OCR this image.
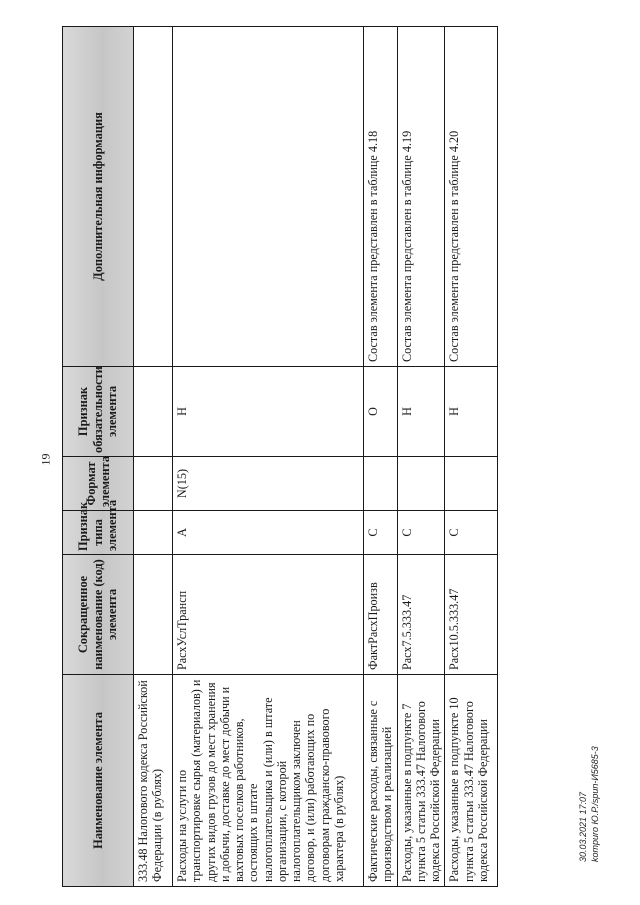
19
Наименование элемента	Сокращенное наименование (код) элемента	Признак типа элемента	Формат элемента	Признак обязательности элемента	Дополнительная информация
333.48 Налогового кодекса Российской Федерации (в рублях)					
Расходы на услуги по транспортировке сырья (материалов) и других видов грузов до мест хранения и добычи, доставке до мест добычи и вахтовых поселков работников, состоящих в штате налогоплательщика и (или) в штате организации, с которой налогоплательщиком заключен договор, и (или) работающих по договорам гражданско-правового характера (в рублях)	РасхУслТрансп	А	N(15)	Н	
Фактические расходы, связанные с производством и реализацией	ФактРасхПроизв	С		О	Состав элемента представлен в таблице 4.18
Расходы, указанные в подпункте 7 пункта 5 статьи 333.47 Налогового кодекса Российской Федерации	Расх7.5.333.47	С		Н	Состав элемента представлен в таблице 4.19
Расходы, указанные в подпункте 10 пункта 5 статьи 333.47 Налогового кодекса Российской Федерации	Расх10.5.333.47	С		Н	Состав элемента представлен в таблице 4.20
30.03.2021 17:07 kompuro Ю.Р./spun-И5685-3
